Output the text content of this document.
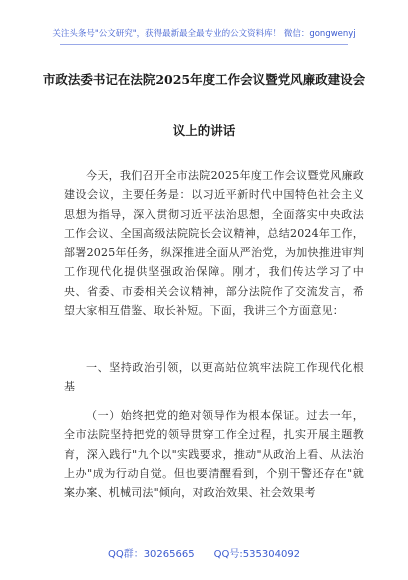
关注头条号"公文研究"，获得最新最全最专业的公文资料库！ 微信：gongwenyj
市政法委书记在法院2025年度工作会议暨党风廉政建设会
议上的讲话
今天，我们召开全市法院2025年度工作会议暨党风廉政建设会议，主要任务是：以习近平新时代中国特色社会主义思想为指导，深入贯彻习近平法治思想，全面落实中央政法工作会议、全国高级法院院长会议精神，总结2024年工作，部署2025年任务，纵深推进全面从严治党，为加快推进审判工作现代化提供坚强政治保障。刚才，我们传达学习了中央、省委、市委相关会议精神，部分法院作了交流发言，希望大家相互借鉴、取长补短。下面，我讲三个方面意见：
一、坚持政治引领，以更高站位筑牢法院工作现代化根基
（一）始终把党的绝对领导作为根本保证。过去一年，全市法院坚持把党的领导贯穿工作全过程，扎实开展主题教育，深入践行"九个以"实践要求，推动"从政治上看、从法治上办"成为行动自觉。但也要清醒看到，个别干警还存在"就案办案、机械司法"倾向，对政治效果、社会效果考
QQ群：30265665      QQ号:535304092
